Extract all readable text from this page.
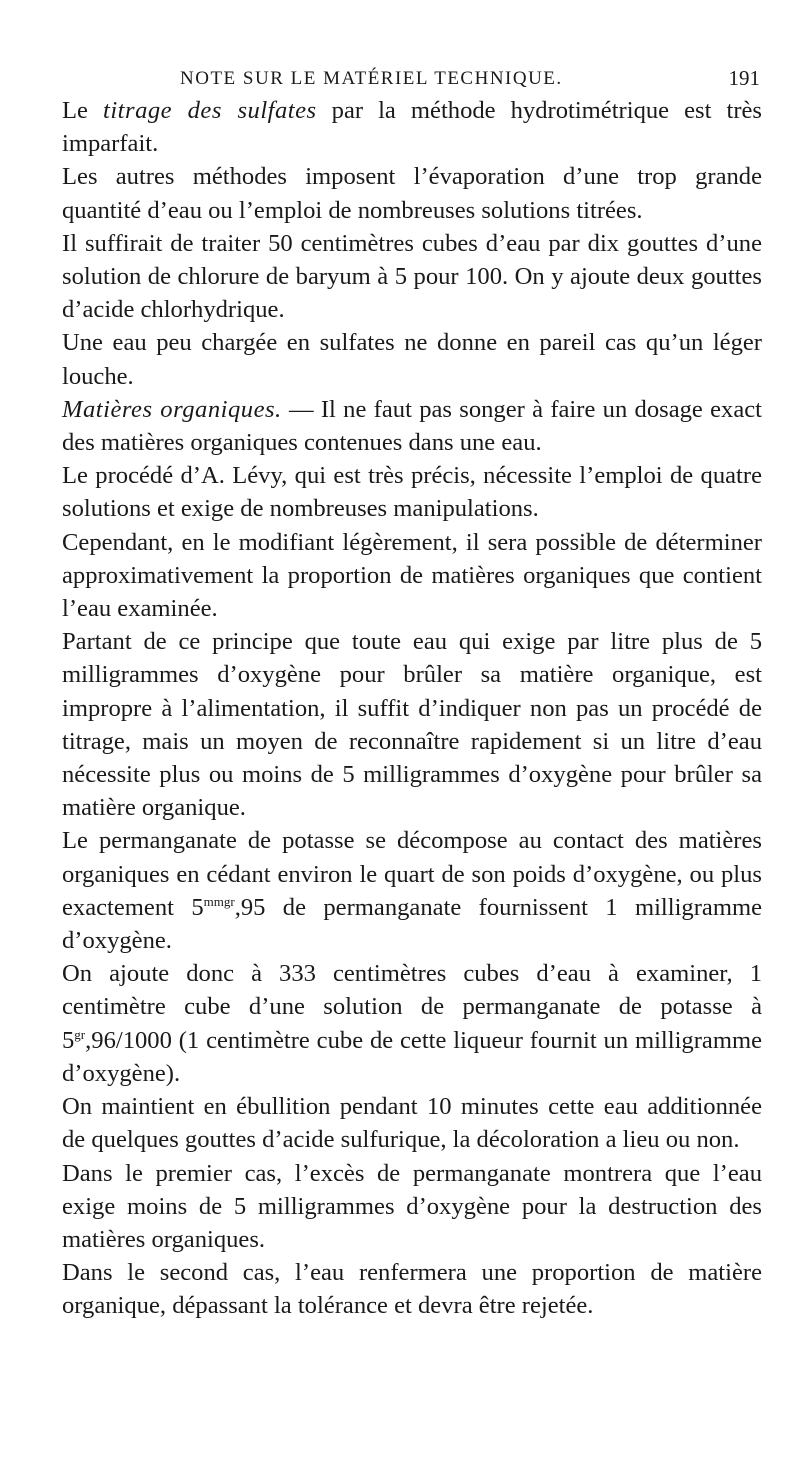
NOTE SUR LE MATÉRIEL TECHNIQUE.	191

Le titrage des sulfates par la méthode hydrotimétrique est très imparfait.

Les autres méthodes imposent l’évaporation d’une trop grande quantité d’eau ou l’emploi de nombreuses solutions titrées.

Il suffirait de traiter 50 centimètres cubes d’eau par dix gouttes d’une solution de chlorure de baryum à 5 pour 100. On y ajoute deux gouttes d’acide chlorhydrique.

Une eau peu chargée en sulfates ne donne en pareil cas qu’un léger louche.

Matières organiques. — Il ne faut pas songer à faire un dosage exact des matières organiques contenues dans une eau.

Le procédé d’A. Lévy, qui est très précis, nécessite l’emploi de quatre solutions et exige de nombreuses manipulations.

Cependant, en le modifiant légèrement, il sera possible de déterminer approximativement la proportion de matières organiques que contient l’eau examinée.

Partant de ce principe que toute eau qui exige par litre plus de 5 milligrammes d’oxygène pour brûler sa matière organique, est impropre à l’alimentation, il suffit d’indiquer non pas un procédé de titrage, mais un moyen de reconnaître rapidement si un litre d’eau nécessite plus ou moins de 5 milligrammes d’oxygène pour brûler sa matière organique.

Le permanganate de potasse se décompose au contact des matières organiques en cédant environ le quart de son poids d’oxygène, ou plus exactement $5^{mmgr},95$ de permanganate fournissent 1 milligramme d’oxygène.

On ajoute donc à 333 centimètres cubes d’eau à examiner, 1 centimètre cube d’une solution de permanganate de potasse à $5^{gr},96/1000$ (1 centimètre cube de cette liqueur fournit un milligramme d’oxygène).

On maintient en ébullition pendant 10 minutes cette eau additionnée de quelques gouttes d’acide sulfurique, la décoloration a lieu ou non.

Dans le premier cas, l’excès de permanganate montrera que l’eau exige moins de 5 milligrammes d’oxygène pour la destruction des matières organiques.

Dans le second cas, l’eau renfermera une proportion de matière organique, dépassant la tolérance et devra être rejetée.
